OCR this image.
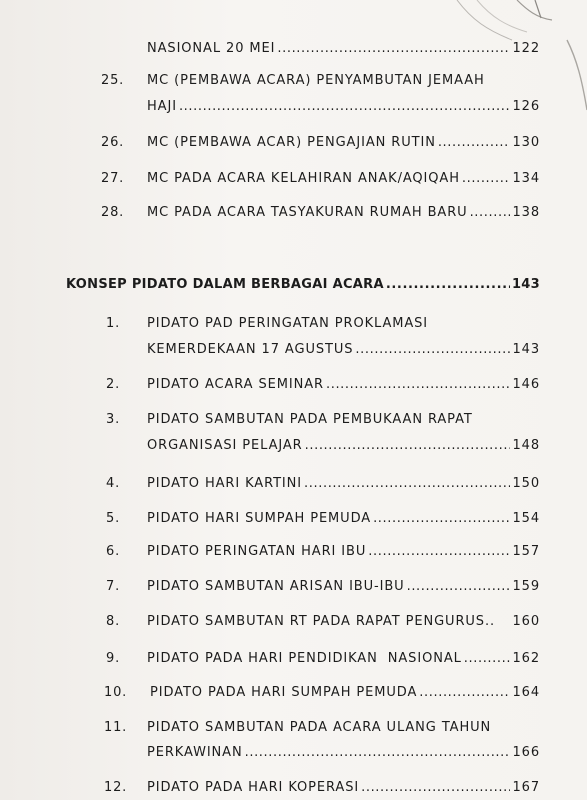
NASIONAL 20 MEI .....	122
25. MC (PEMBAWA ACARA) PENYAMBUTAN JEMAAH
HAJI .....	126
26. MC (PEMBAWA ACAR) PENGAJIAN RUTIN .....	130
27. MC PADA ACARA KELAHIRAN ANAK/AQIQAH .....	134
28. MC PADA ACARA TASYAKURAN RUMAH BARU .....	138
KONSEP PIDATO DALAM BERBAGAI ACARA .....	143
1. PIDATO PAD PERINGATAN PROKLAMASI
KEMERDEKAAN 17 AGUSTUS .....	143
2. PIDATO ACARA SEMINAR .....	146
3. PIDATO SAMBUTAN PADA PEMBUKAAN RAPAT
ORGANISASI PELAJAR .....	148
4. PIDATO HARI KARTINI .....	150
5. PIDATO HARI SUMPAH PEMUDA .....	154
6. PIDATO PERINGATAN HARI IBU .....	157
7. PIDATO SAMBUTAN ARISAN IBU-IBU .....	159
8. PIDATO SAMBUTAN RT PADA RAPAT PENGURUS.. 160
9. PIDATO PADA HARI PENDIDIKAN  NASIONAL .....	162
10. PIDATO PADA HARI SUMPAH PEMUDA .....	164
11. PIDATO SAMBUTAN PADA ACARA ULANG TAHUN
PERKAWINAN .....	166
12. PIDATO PADA HARI KOPERASI .....	167
